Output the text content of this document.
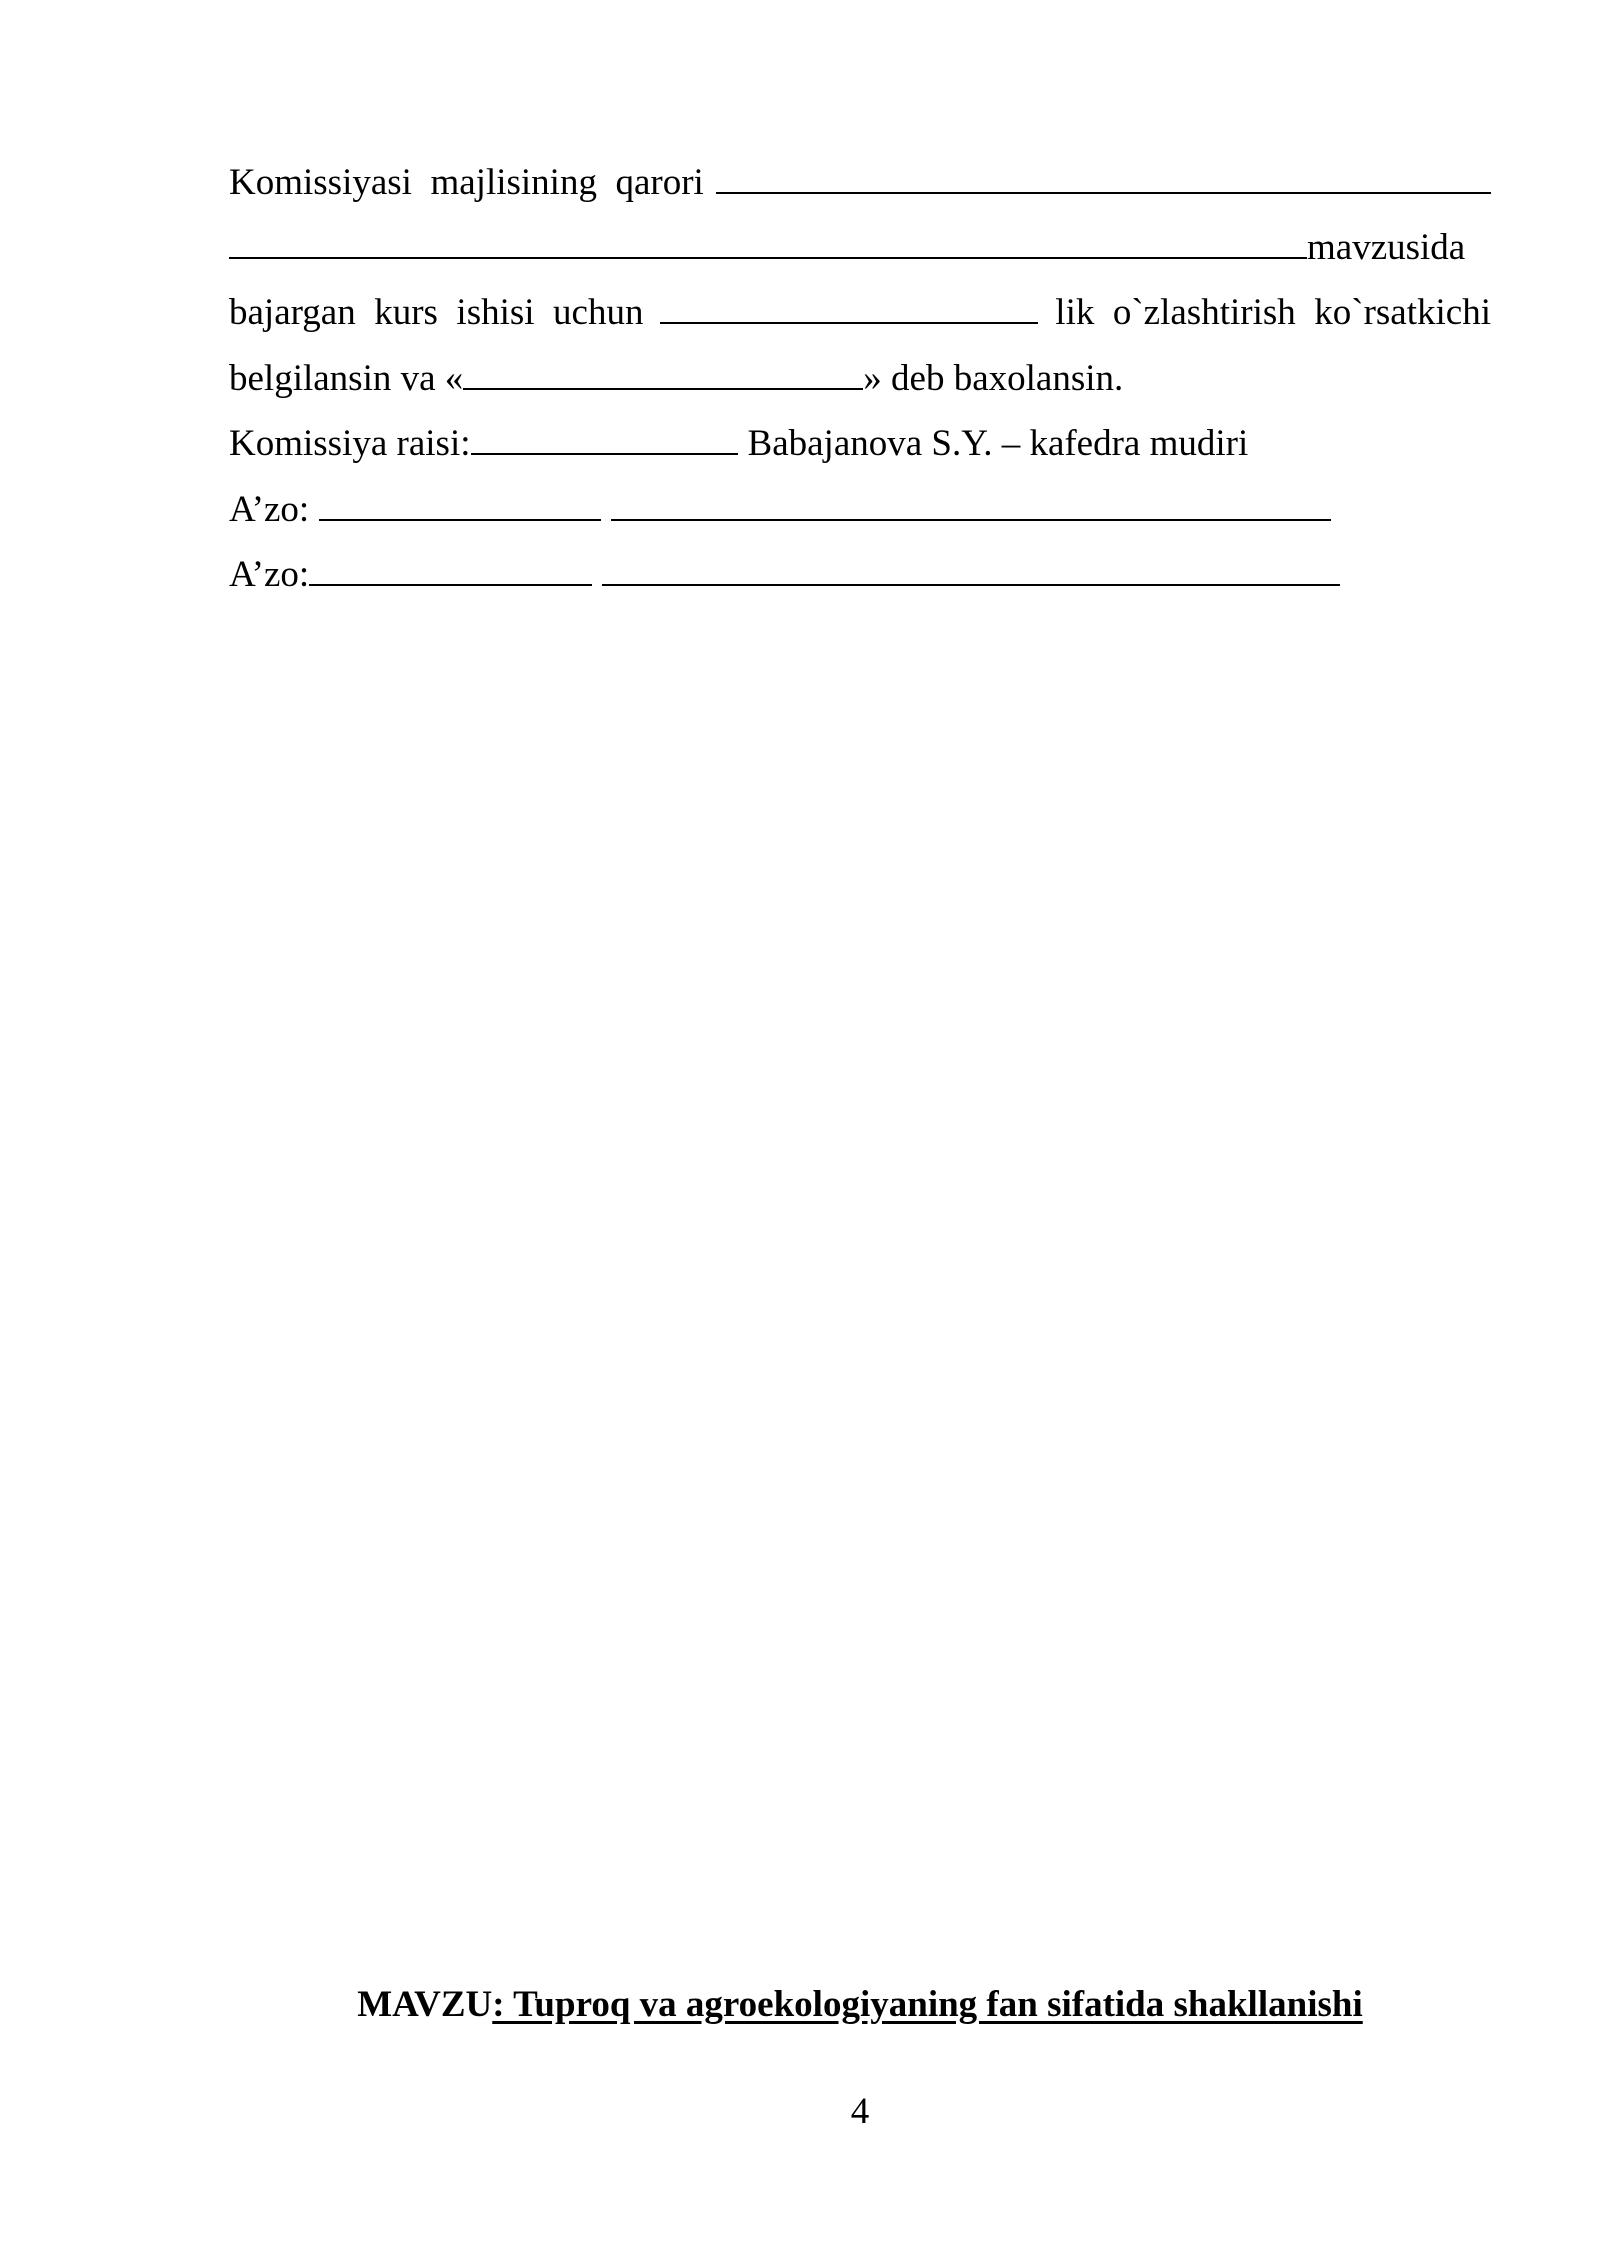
Komissiyasi  majlisining  qarori
mavzusida
bajargan  kurs  ishisi  uchun	lik  o`zlashtirish  ko`rsatkichi
belgilansin va «	» deb baxolansin.
Komissiya raisi:	Babajanova S.Y. – kafedra mudiri
A’zo:
A’zo:
MAVZU: Tuproq va agroekologiyaning fan sifatida shakllanishi
4
